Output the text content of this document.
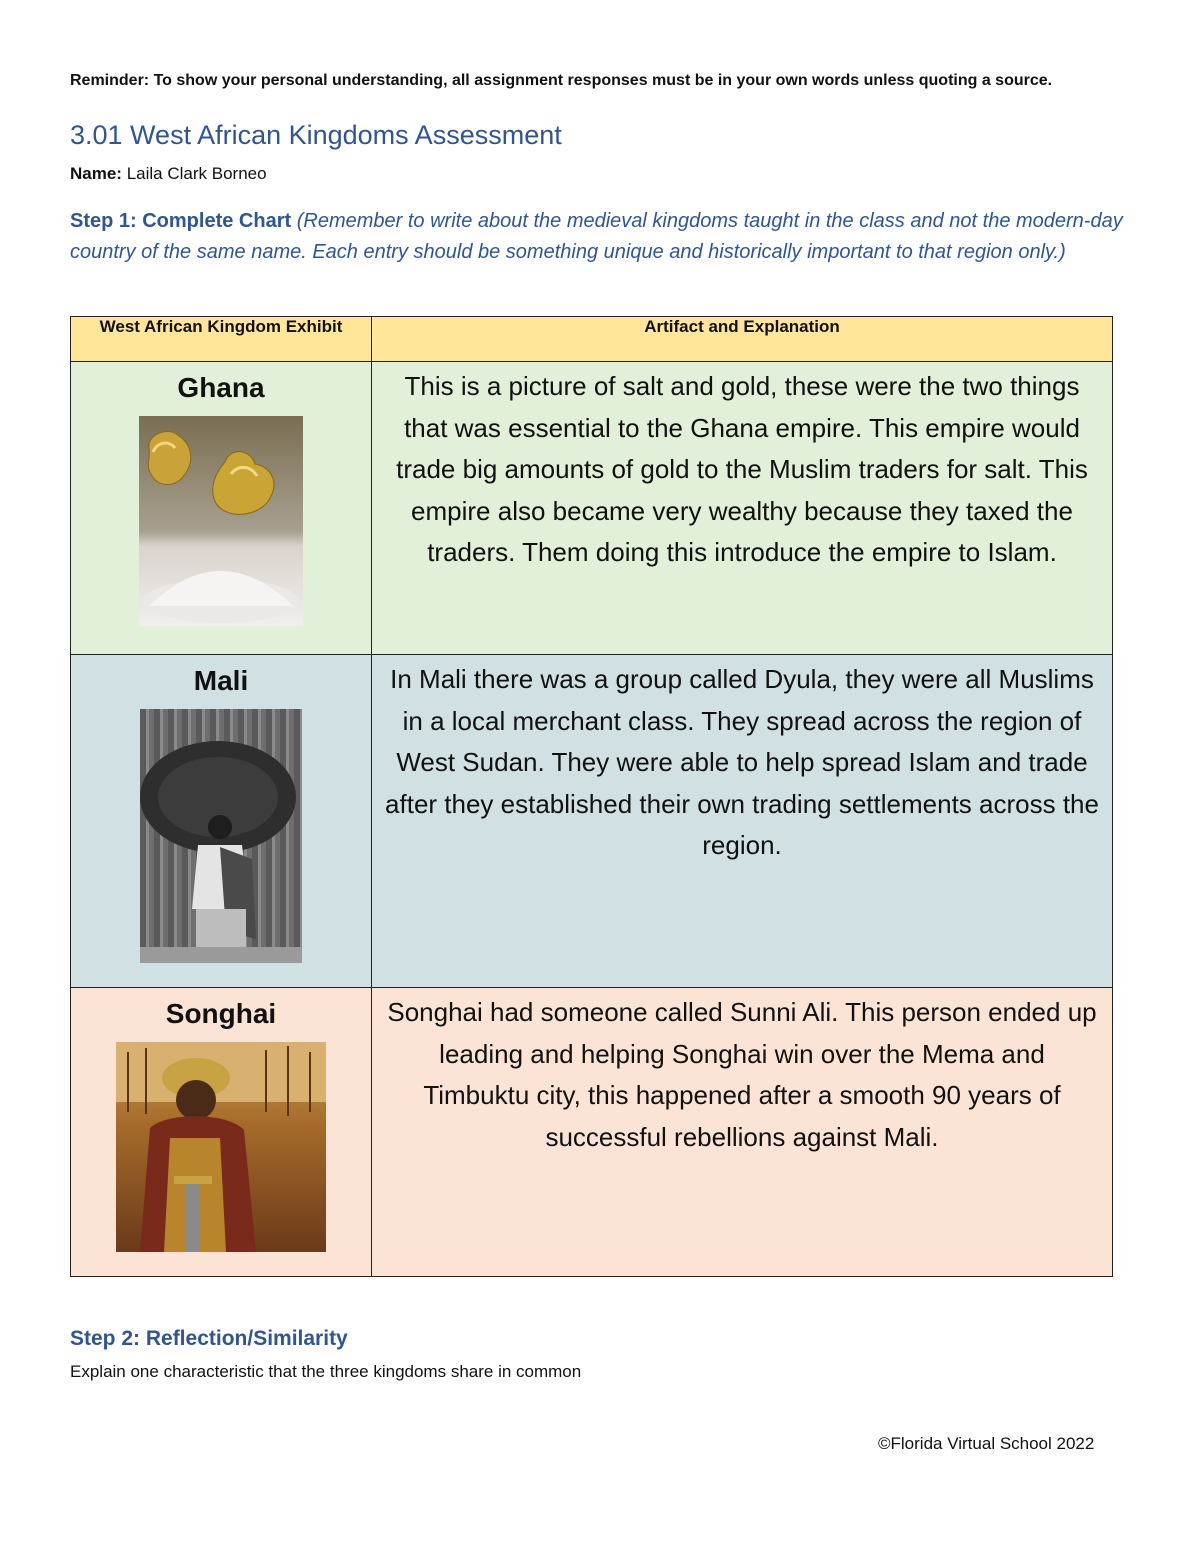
Reminder: To show your personal understanding, all assignment responses must be in your own words unless quoting a source.
3.01 West African Kingdoms Assessment
Name: Laila Clark Borneo
Step 1: Complete Chart (Remember to write about the medieval kingdoms taught in the class and not the modern-day country of the same name. Each entry should be something unique and historically important to that region only.)
West African Kingdom Exhibit	Artifact and Explanation

Ghana	This is a picture of salt and gold, these were the two things that was essential to the Ghana empire. This empire would trade big amounts of gold to the Muslim traders for salt. This empire also became very wealthy because they taxed the traders. Them doing this introduce the empire to Islam.

Mali	In Mali there was a group called Dyula, they were all Muslims in a local merchant class. They spread across the region of West Sudan. They were able to help spread Islam and trade after they established their own trading settlements across the region.

Songhai	Songhai had someone called Sunni Ali. This person ended up leading and helping Songhai win over the Mema and Timbuktu city, this happened after a smooth 90 years of successful rebellions against Mali.
Step 2: Reflection/Similarity
Explain one characteristic that the three kingdoms share in common
©Florida Virtual School 2022
